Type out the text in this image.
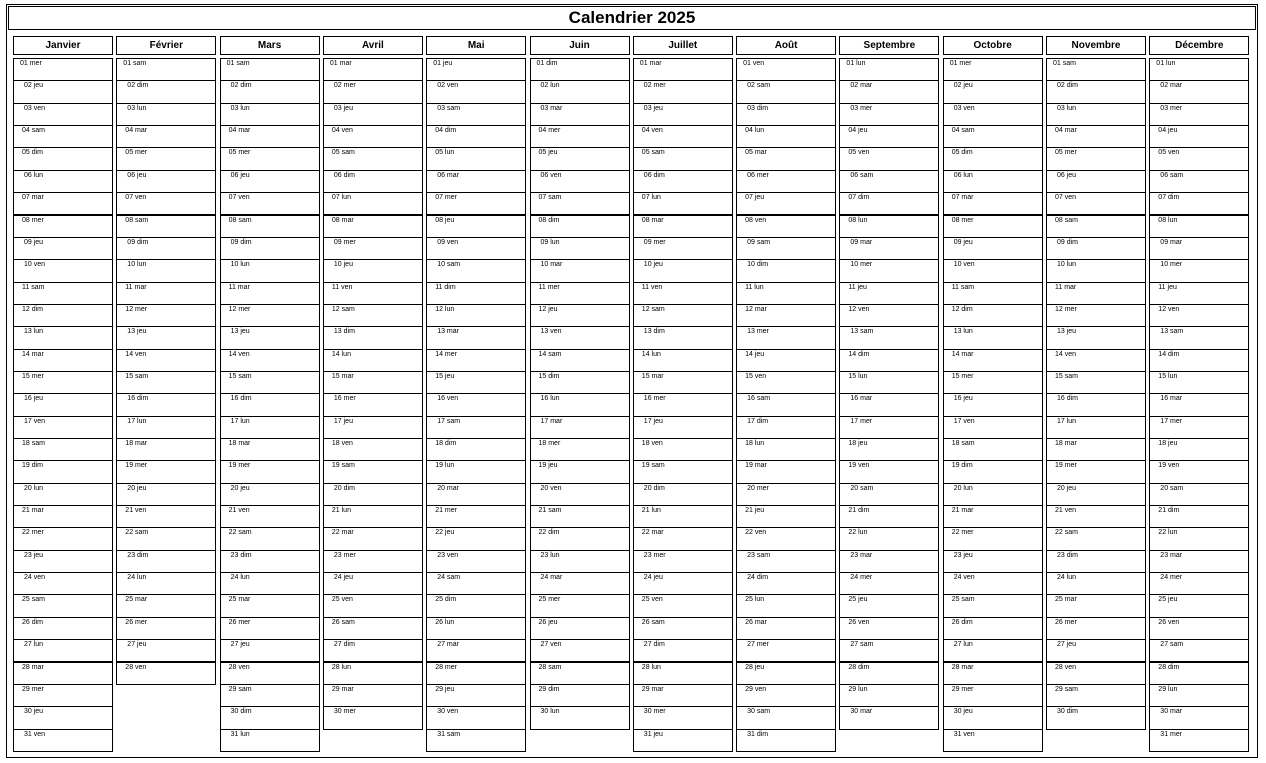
Calendrier 2025
Janvier
01 mer
02 jeu
03 ven
04 sam
05 dim
06 lun
07 mar
08 mer
09 jeu
10 ven
11 sam
12 dim
13 lun
14 mar
15 mer
16 jeu
17 ven
18 sam
19 dim
20 lun
21 mar
22 mer
23 jeu
24 ven
25 sam
26 dim
27 lun
28 mar
29 mer
30 jeu
31 ven
Février
01 sam
02 dim
03 lun
04 mar
05 mer
06 jeu
07 ven
08 sam
09 dim
10 lun
11 mar
12 mer
13 jeu
14 ven
15 sam
16 dim
17 lun
18 mar
19 mer
20 jeu
21 ven
22 sam
23 dim
24 lun
25 mar
26 mer
27 jeu
28 ven
Mars
01 sam
02 dim
03 lun
04 mar
05 mer
06 jeu
07 ven
08 sam
09 dim
10 lun
11 mar
12 mer
13 jeu
14 ven
15 sam
16 dim
17 lun
18 mar
19 mer
20 jeu
21 ven
22 sam
23 dim
24 lun
25 mar
26 mer
27 jeu
28 ven
29 sam
30 dim
31 lun
Avril
01 mar
02 mer
03 jeu
04 ven
05 sam
06 dim
07 lun
08 mar
09 mer
10 jeu
11 ven
12 sam
13 dim
14 lun
15 mar
16 mer
17 jeu
18 ven
19 sam
20 dim
21 lun
22 mar
23 mer
24 jeu
25 ven
26 sam
27 dim
28 lun
29 mar
30 mer
Mai
01 jeu
02 ven
03 sam
04 dim
05 lun
06 mar
07 mer
08 jeu
09 ven
10 sam
11 dim
12 lun
13 mar
14 mer
15 jeu
16 ven
17 sam
18 dim
19 lun
20 mar
21 mer
22 jeu
23 ven
24 sam
25 dim
26 lun
27 mar
28 mer
29 jeu
30 ven
31 sam
Juin
01 dim
02 lun
03 mar
04 mer
05 jeu
06 ven
07 sam
08 dim
09 lun
10 mar
11 mer
12 jeu
13 ven
14 sam
15 dim
16 lun
17 mar
18 mer
19 jeu
20 ven
21 sam
22 dim
23 lun
24 mar
25 mer
26 jeu
27 ven
28 sam
29 dim
30 lun
Juillet
01 mar
02 mer
03 jeu
04 ven
05 sam
06 dim
07 lun
08 mar
09 mer
10 jeu
11 ven
12 sam
13 dim
14 lun
15 mar
16 mer
17 jeu
18 ven
19 sam
20 dim
21 lun
22 mar
23 mer
24 jeu
25 ven
26 sam
27 dim
28 lun
29 mar
30 mer
31 jeu
Août
01 ven
02 sam
03 dim
04 lun
05 mar
06 mer
07 jeu
08 ven
09 sam
10 dim
11 lun
12 mar
13 mer
14 jeu
15 ven
16 sam
17 dim
18 lun
19 mar
20 mer
21 jeu
22 ven
23 sam
24 dim
25 lun
26 mar
27 mer
28 jeu
29 ven
30 sam
31 dim
Septembre
01 lun
02 mar
03 mer
04 jeu
05 ven
06 sam
07 dim
08 lun
09 mar
10 mer
11 jeu
12 ven
13 sam
14 dim
15 lun
16 mar
17 mer
18 jeu
19 ven
20 sam
21 dim
22 lun
23 mar
24 mer
25 jeu
26 ven
27 sam
28 dim
29 lun
30 mar
Octobre
01 mer
02 jeu
03 ven
04 sam
05 dim
06 lun
07 mar
08 mer
09 jeu
10 ven
11 sam
12 dim
13 lun
14 mar
15 mer
16 jeu
17 ven
18 sam
19 dim
20 lun
21 mar
22 mer
23 jeu
24 ven
25 sam
26 dim
27 lun
28 mar
29 mer
30 jeu
31 ven
Novembre
01 sam
02 dim
03 lun
04 mar
05 mer
06 jeu
07 ven
08 sam
09 dim
10 lun
11 mar
12 mer
13 jeu
14 ven
15 sam
16 dim
17 lun
18 mar
19 mer
20 jeu
21 ven
22 sam
23 dim
24 lun
25 mar
26 mer
27 jeu
28 ven
29 sam
30 dim
Décembre
01 lun
02 mar
03 mer
04 jeu
05 ven
06 sam
07 dim
08 lun
09 mar
10 mer
11 jeu
12 ven
13 sam
14 dim
15 lun
16 mar
17 mer
18 jeu
19 ven
20 sam
21 dim
22 lun
23 mar
24 mer
25 jeu
26 ven
27 sam
28 dim
29 lun
30 mar
31 mer
